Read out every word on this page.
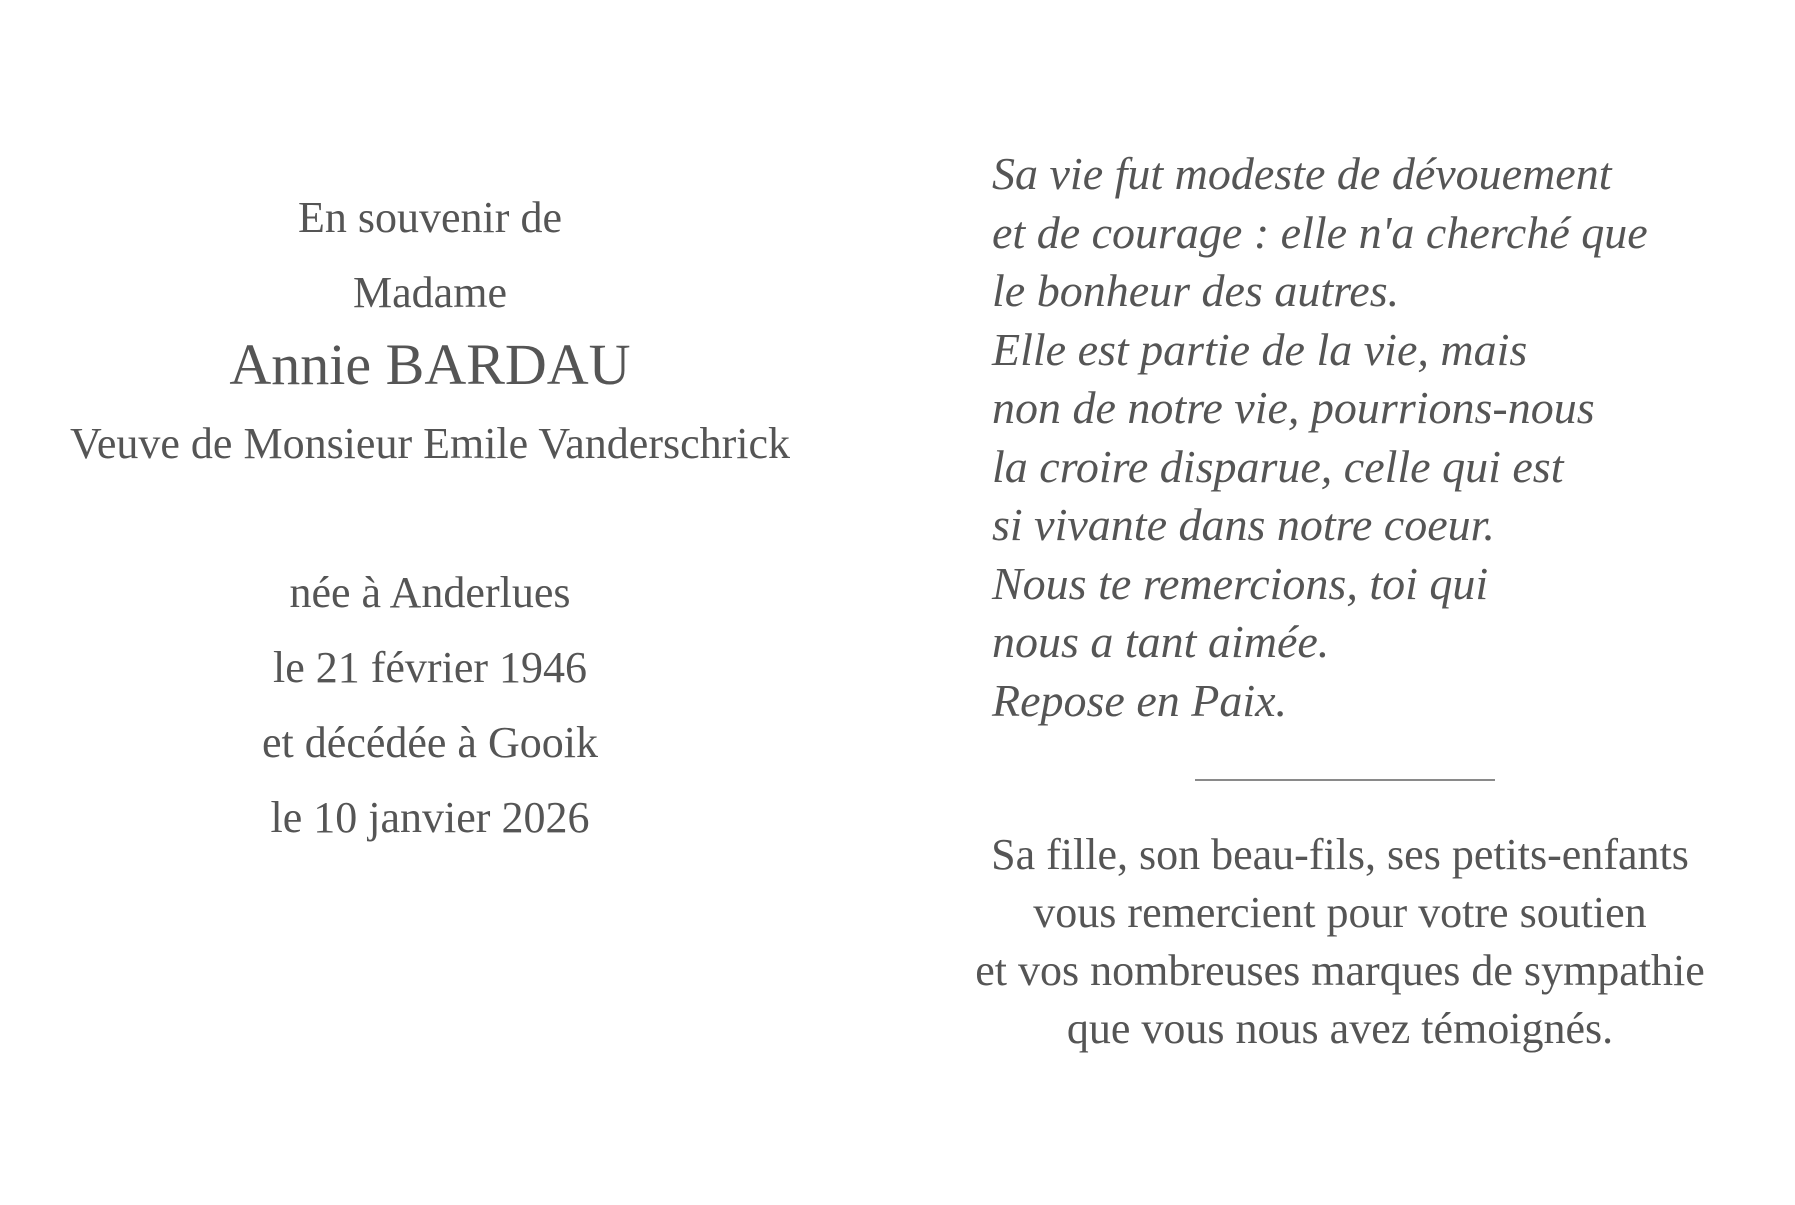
En souvenir de
Madame
Annie BARDAU
Veuve de Monsieur Emile Vanderschrick
née à Anderlues
le 21 février 1946
et décédée à Gooik
le 10 janvier 2026
Sa vie fut modeste de dévouement
et de courage : elle n'a cherché que
le bonheur des autres.
Elle est partie de la vie, mais
non de notre vie, pourrions-nous
la croire disparue, celle qui est
si vivante dans notre coeur.
Nous te remercions, toi qui
nous a tant aimée.
Repose en Paix.
Sa fille, son beau-fils, ses petits-enfants
vous remercient pour votre soutien
et vos nombreuses marques de sympathie
que vous nous avez témoignés.
